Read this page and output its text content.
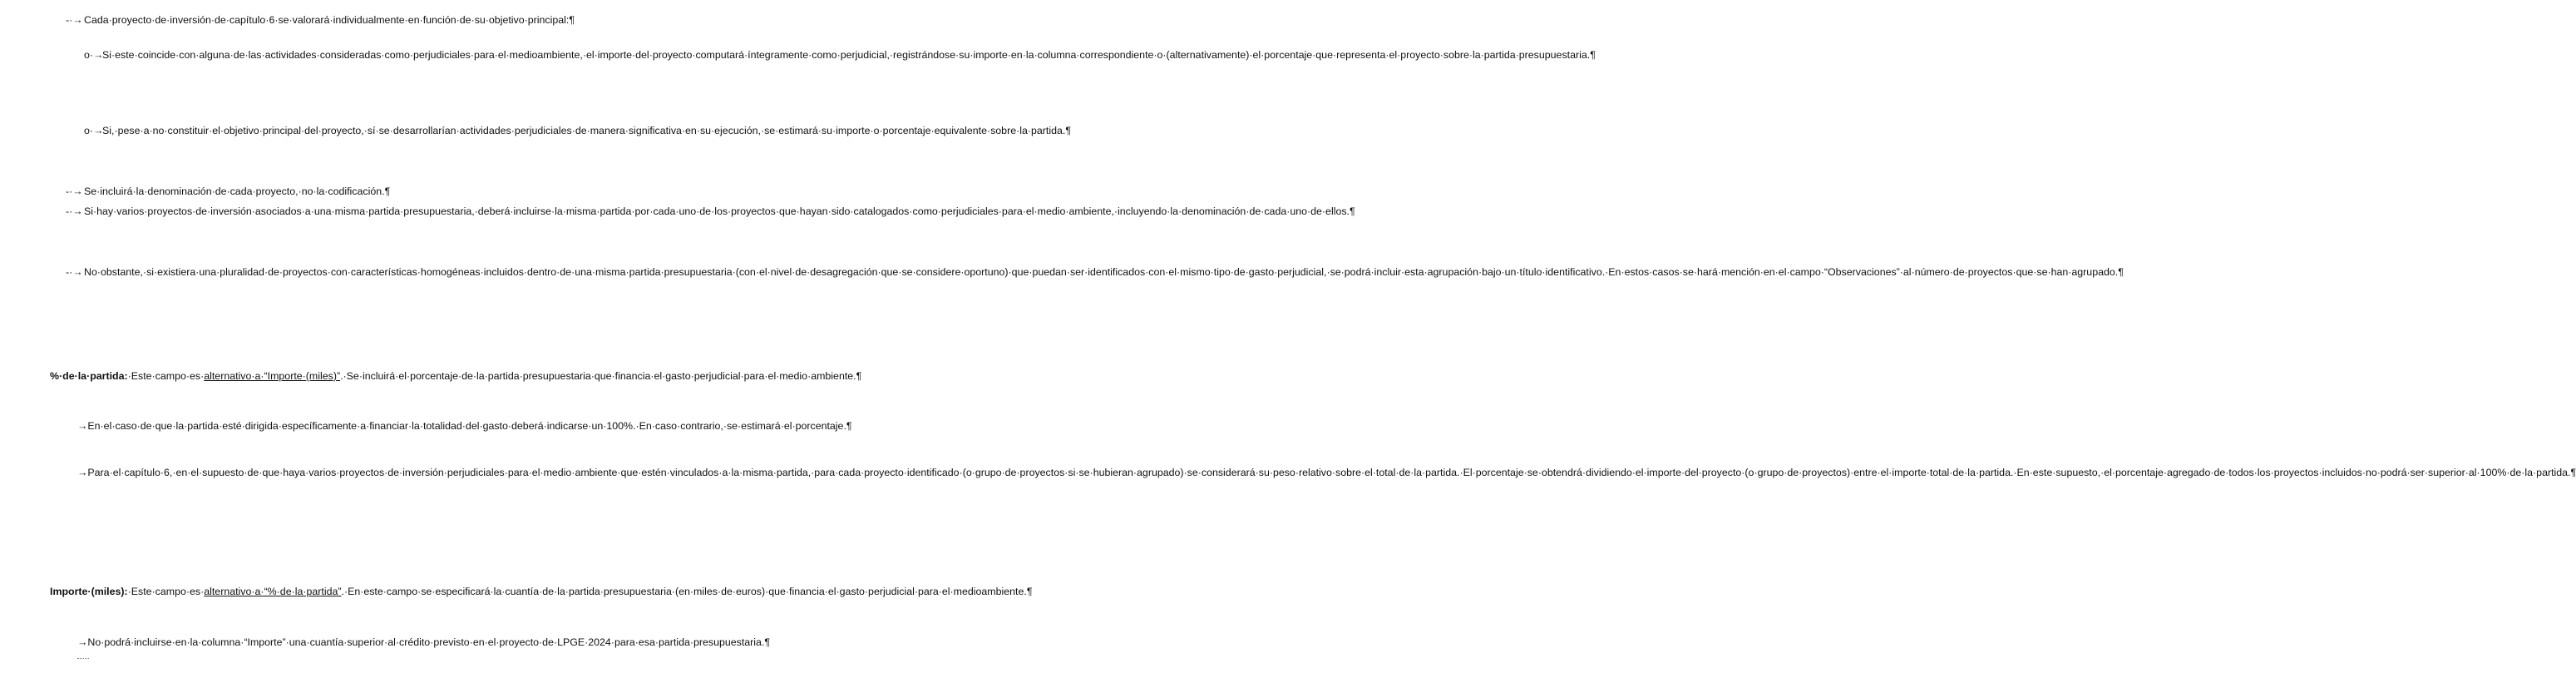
-·→ Cada·proyecto·de·inversión·de·capítulo·6·se·valorará·individualmente·en·función·de·su·objetivo·principal:¶
o·→
Si·este·coincide·con·alguna·de·las·actividades·consideradas·como·perjudiciales·para·el·medioambiente,·el·importe·del·proyecto·computará·íntegramente·como·perjudicial,·registrándose·su·importe·en·la·columna·correspondiente·o·(alternativamente)·el·porcentaje·que·representa·el·proyecto·sobre·la·partida·presupuestaria.¶
o·→
Si,·pese·a·no·constituir·el·objetivo·principal·del·proyecto,·sí·se·desarrollarían·actividades·perjudiciales·de·manera·significativa·en·su·ejecución,·se·estimará·su·importe·o·porcentaje·equivalente·sobre·la·partida.¶
-·→ Se·incluirá·la·denominación·de·cada·proyecto,·no·la·codificación.¶
-·→ Si·hay·varios·proyectos·de·inversión·asociados·a·una·misma·partida·presupuestaria,·deberá·incluirse·la·misma·partida·por·cada·uno·de·los·proyectos·que·hayan·sido·catalogados·como·perjudiciales·para·el·medio·ambiente,·incluyendo·la·denominación·de·cada·uno·de·ellos.¶
-·→ No·obstante,·si·existiera·una·pluralidad·de·proyectos·con·características·homogéneas·incluidos·dentro·de·una·misma·partida·presupuestaria·(con·el·nivel·de·desagregación·que·se·considere·oportuno)·que·puedan·ser·identificados·con·el·mismo·tipo·de·gasto·perjudicial,·se·podrá·incluir·esta·agrupación·bajo·un·título·identificativo.·En·estos·casos·se·hará·mención·en·el·campo·“Observaciones”·al·número·de·proyectos·que·se·han·agrupado.¶
%·de·la·partida:·Este·campo·es·alternativo·a·“Importe·(miles)”.·Se·incluirá·el·porcentaje·de·la·partida·presupuestaria·que·financia·el·gasto·perjudicial·para·el·medio·ambiente.¶
→En·el·caso·de·que·la·partida·esté·dirigida·específicamente·a·financiar·la·totalidad·del·gasto·deberá·indicarse·un·100%.·En·caso·contrario,·se·estimará·el·porcentaje.¶
→Para·el·capítulo·6,·en·el·supuesto·de·que·haya·varios·proyectos·de·inversión·perjudiciales·para·el·medio·ambiente·que·estén·vinculados·a·la·misma·partida,·para·cada·proyecto·identificado·(o·grupo·de·proyectos·si·se·hubieran·agrupado)·se·considerará·su·peso·relativo·sobre·el·total·de·la·partida.·El·porcentaje·se·obtendrá·dividiendo·el·importe·del·proyecto·(o·grupo·de·proyectos)·entre·el·importe·total·de·la·partida.·En·este·supuesto,·el·porcentaje·agregado·de·todos·los·proyectos·incluidos·no·podrá·ser·superior·al·100%·de·la·partida.¶
Importe·(miles):·Este·campo·es·alternativo·a·“%·de·la·partida”.·En·este·campo·se·especificará·la·cuantía·de·la·partida·presupuestaria·(en·miles·de·euros)·que·financia·el·gasto·perjudicial·para·el·medioambiente.¶
→No·podrá·incluirse·en·la·columna·“Importe”·una·cuantía·superior·al·crédito·previsto·en·el·proyecto·de·LPGE·2024·para·esa·partida·presupuestaria.¶
